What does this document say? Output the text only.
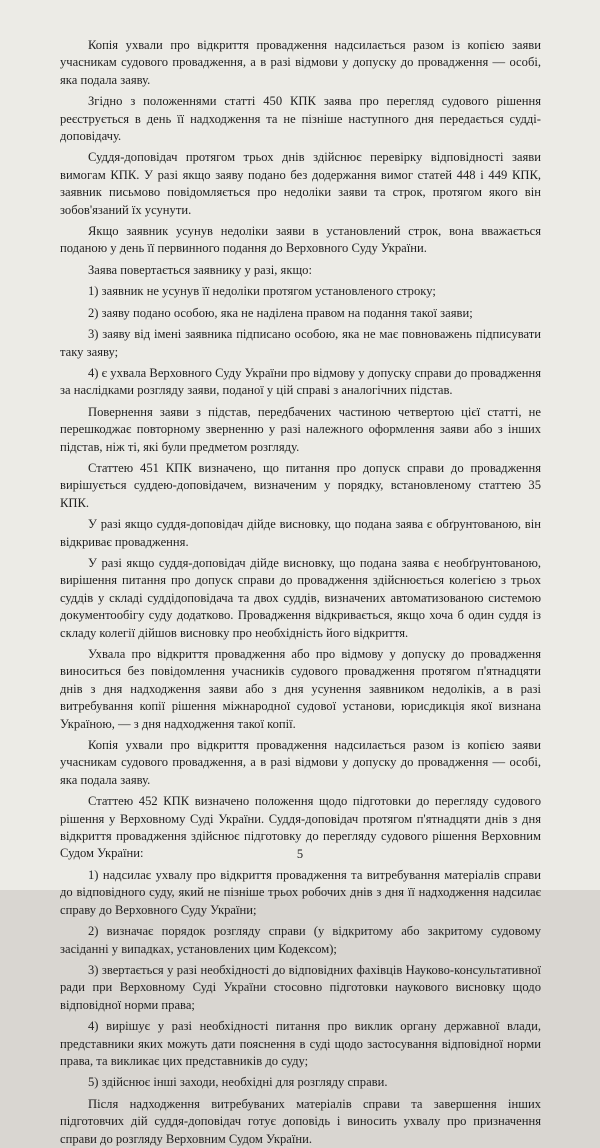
Копія ухвали про відкриття провадження надсилається разом із копією заяви учасникам судового провадження, а в разі відмови у допуску до провадження — особі, яка подала заяву.

Згідно з положеннями статті 450 КПК заява про перегляд судового рішення реєструється в день її надходження та не пізніше наступного дня передається судді-доповідачу.

Суддя-доповідач протягом трьох днів здійснює перевірку відповідності заяви вимогам КПК. У разі якщо заяву подано без додержання вимог статей 448 і 449 КПК, заявник письмово повідомляється про недоліки заяви та строк, протягом якого він зобов'язаний їх усунути.

Якщо заявник усунув недоліки заяви в установлений строк, вона вважається поданою у день її первинного подання до Верховного Суду України.

Заява повертається заявнику у разі, якщо:

1) заявник не усунув її недоліки протягом установленого строку;

2) заяву подано особою, яка не наділена правом на подання такої заяви;

3) заяву від імені заявника підписано особою, яка не має повноважень підписувати таку заяву;

4) є ухвала Верховного Суду України про відмову у допуску справи до провадження за наслідками розгляду заяви, поданої у цій справі з аналогічних підстав.

Повернення заяви з підстав, передбачених частиною четвертою цієї статті, не перешкоджає повторному зверненню у разі належного оформлення заяви або з інших підстав, ніж ті, які були предметом розгляду.

Статтею 451 КПК визначено, що питання про допуск справи до провадження вирішується суддею-доповідачем, визначеним у порядку, встановленому статтею 35 КПК.

У разі якщо суддя-доповідач дійде висновку, що подана заява є обґрунтованою, він відкриває провадження.

У разі якщо суддя-доповідач дійде висновку, що подана заява є необґрунтованою, вирішення питання про допуск справи до провадження здійснюється колегією з трьох суддів у складі суддідоповідача та двох суддів, визначених автоматизованою системою документообігу суду додатково. Провадження відкривається, якщо хоча б один суддя із складу колегії дійшов висновку про необхідність його відкриття.

Ухвала про відкриття провадження або про відмову у допуску до провадження виноситься без повідомлення учасників судового провадження протягом п'ятнадцяти днів з дня надходження заяви або з дня усунення заявником недоліків, а в разі витребування копії рішення міжнародної судової установи, юрисдикція якої визнана Україною, — з дня надходження такої копії.

Копія ухвали про відкриття провадження надсилається разом із копією заяви учасникам судового провадження, а в разі відмови у допуску до провадження — особі, яка подала заяву.

Статтею 452 КПК визначено положення щодо підготовки до перегляду судового рішення у Верховному Суді України. Суддя-доповідач протягом п'ятнадцяти днів з дня відкриття провадження здійснює підготовку до перегляду судового рішення Верховним Судом України:

1) надсилає ухвалу про відкриття провадження та витребування матеріалів справи до відповідного суду, який не пізніше трьох робочих днів з дня її надходження надсилає справу до Верховного Суду України;

2) визначає порядок розгляду справи (у відкритому або закритому судовому засіданні у випадках, установлених цим Кодексом);

3) звертається у разі необхідності до відповідних фахівців Науково-консультативної ради при Верховному Суді України стосовно підготовки наукового висновку щодо відповідної норми права;

4) вирішує у разі необхідності питання про виклик органу державної влади, представники яких можуть дати пояснення в суді щодо застосування відповідної норми права, та викликає цих представників до суду;

5) здійснює інші заходи, необхідні для розгляду справи.

Після надходження витребуваних матеріалів справи та завершення інших підготовчих дій суддя-доповідач готує доповідь і виносить ухвалу про призначення справи до розгляду Верховним Судом України.

5
